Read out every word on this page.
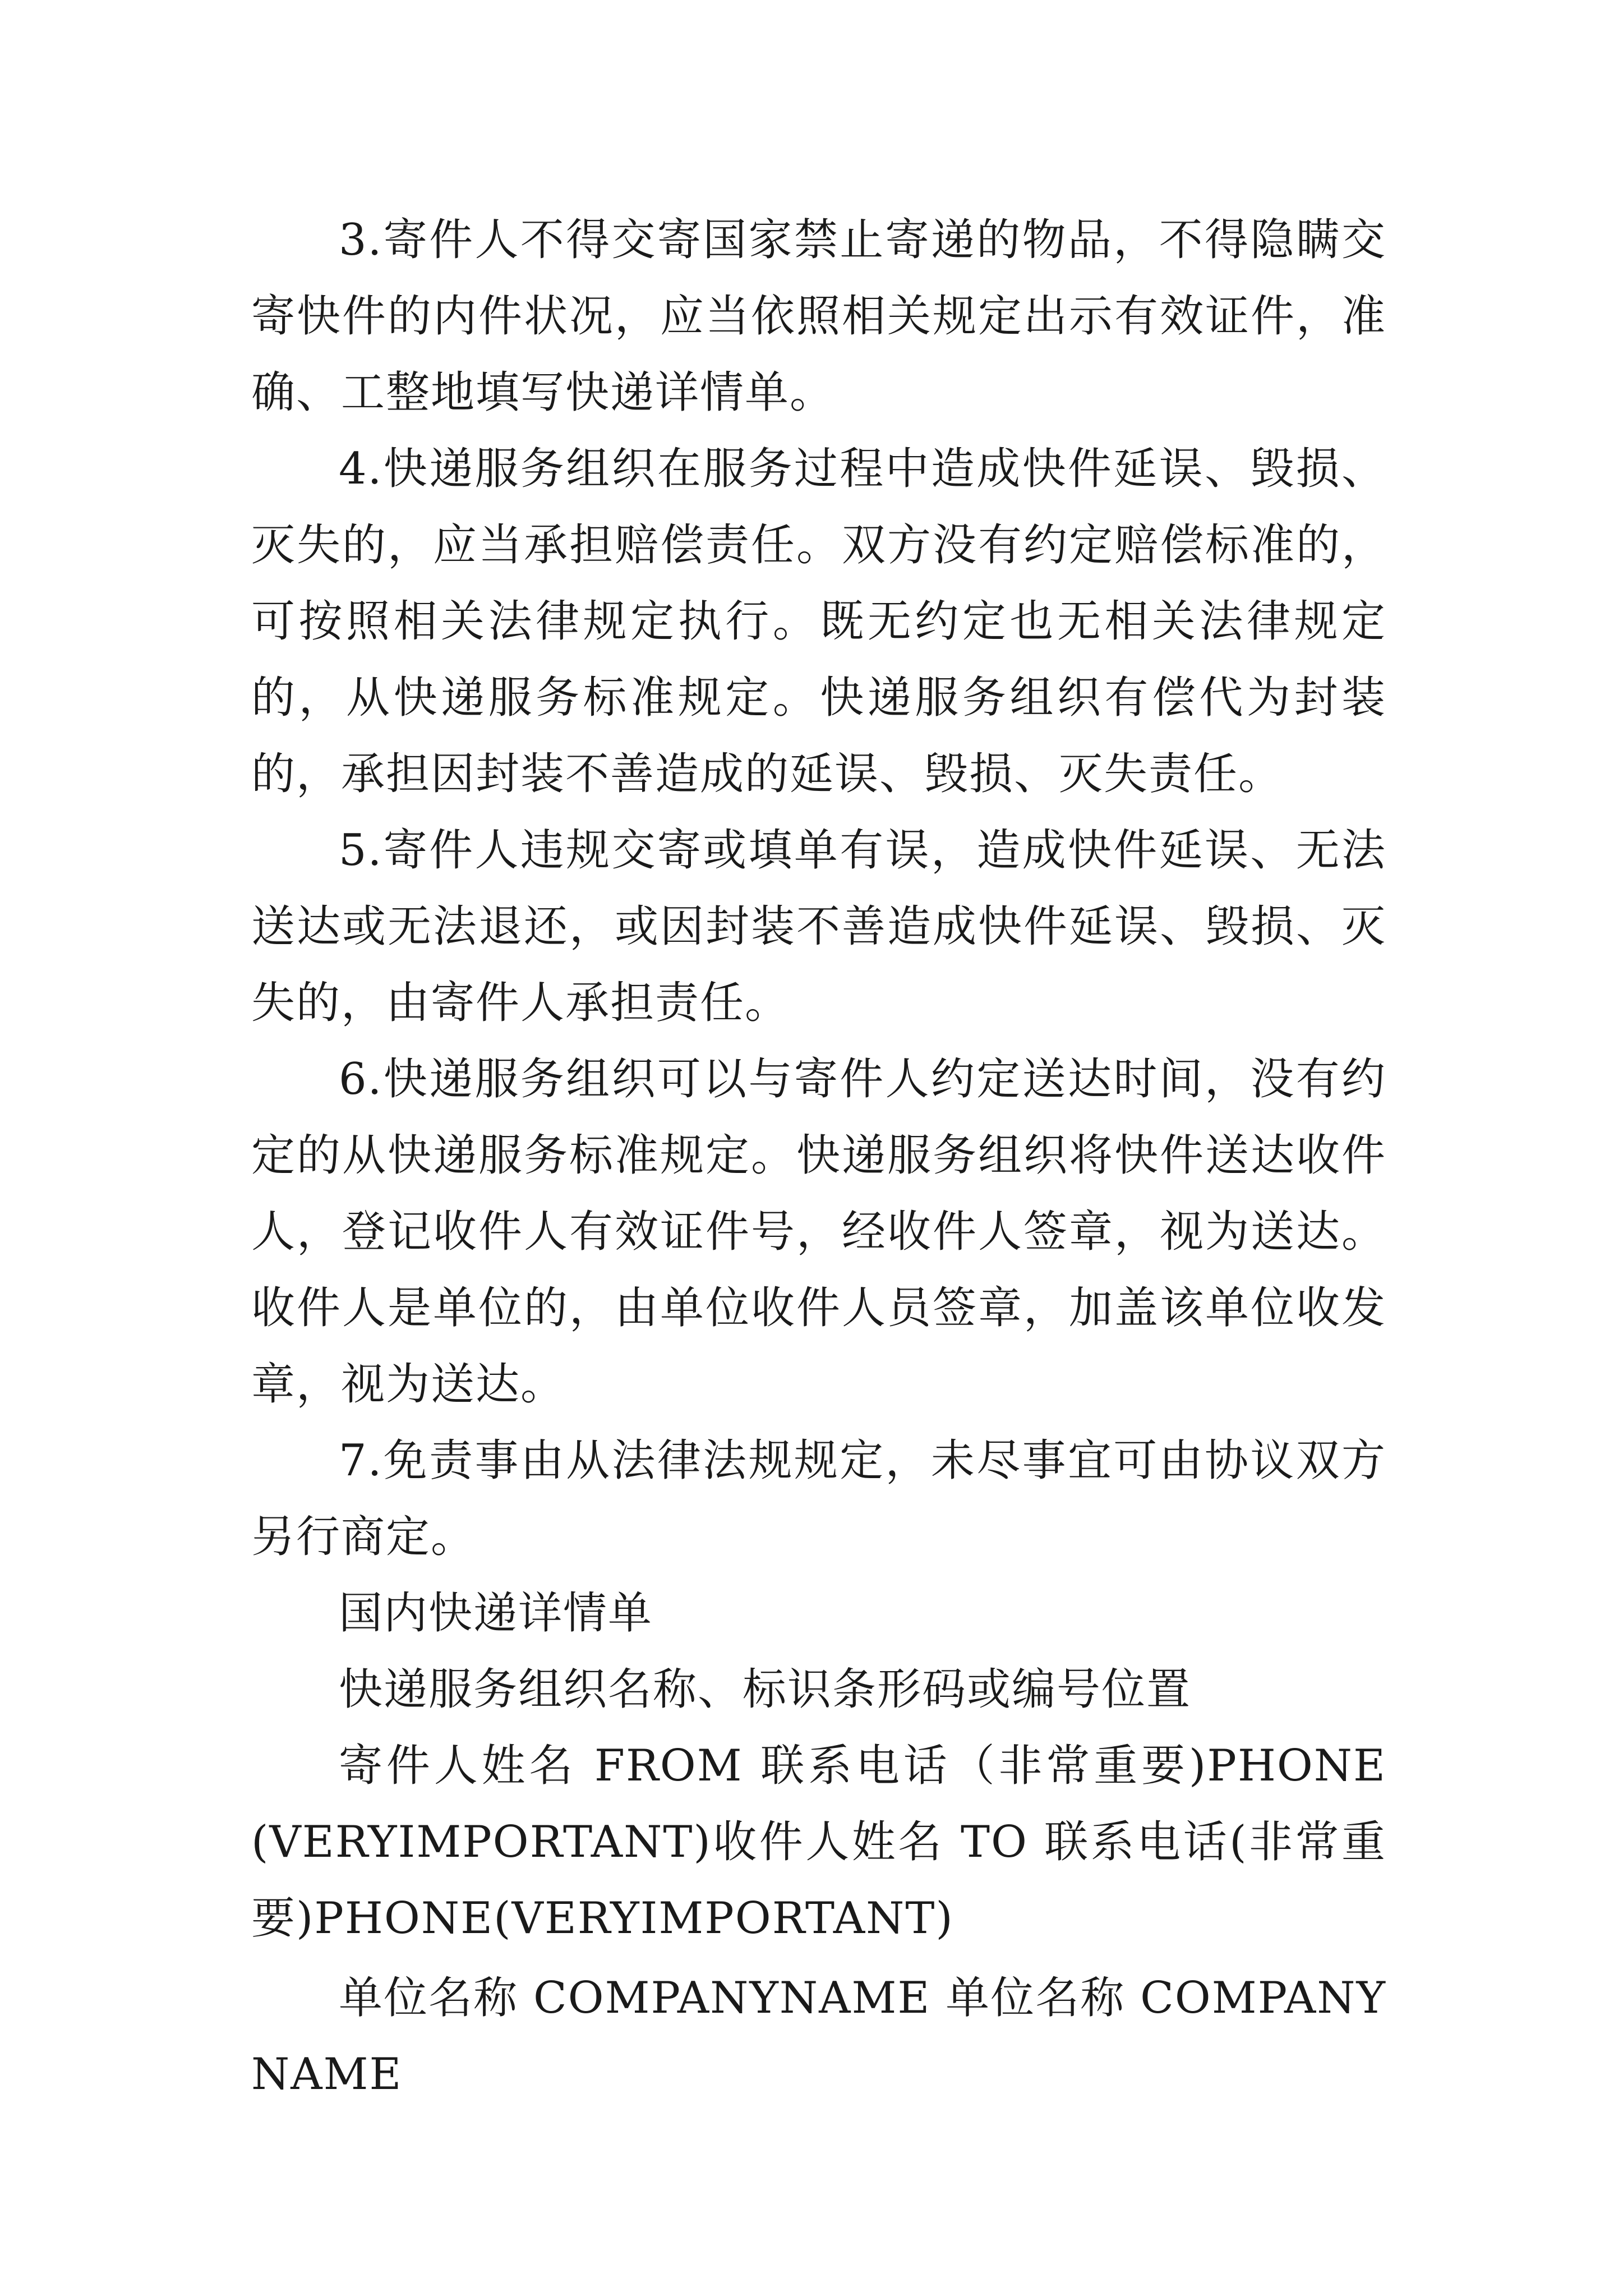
3.寄件人不得交寄国家禁止寄递的物品，不得隐瞒交寄快件的内件状况，应当依照相关规定出示有效证件，准确、工整地填写快递详情单。

4.快递服务组织在服务过程中造成快件延误、毁损、灭失的，应当承担赔偿责任。双方没有约定赔偿标准的，可按照相关法律规定执行。既无约定也无相关法律规定的，从快递服务标准规定。快递服务组织有偿代为封装的，承担因封装不善造成的延误、毁损、灭失责任。

5.寄件人违规交寄或填单有误，造成快件延误、无法送达或无法退还，或因封装不善造成快件延误、毁损、灭失的，由寄件人承担责任。

6.快递服务组织可以与寄件人约定送达时间，没有约定的从快递服务标准规定。快递服务组织将快件送达收件人，登记收件人有效证件号，经收件人签章，视为送达。收件人是单位的，由单位收件人员签章，加盖该单位收发章，视为送达。

7.免责事由从法律法规规定，未尽事宜可由协议双方另行商定。

国内快递详情单

快递服务组织名称、标识条形码或编号位置

寄件人姓名 FROM 联系电话（非常重要)PHONE(VERYIMPORTANT)收件人姓名 TO 联系电话(非常重要)PHONE(VERYIMPORTANT)

单位名称 COMPANYNAME 单位名称 COMPANYNAME
